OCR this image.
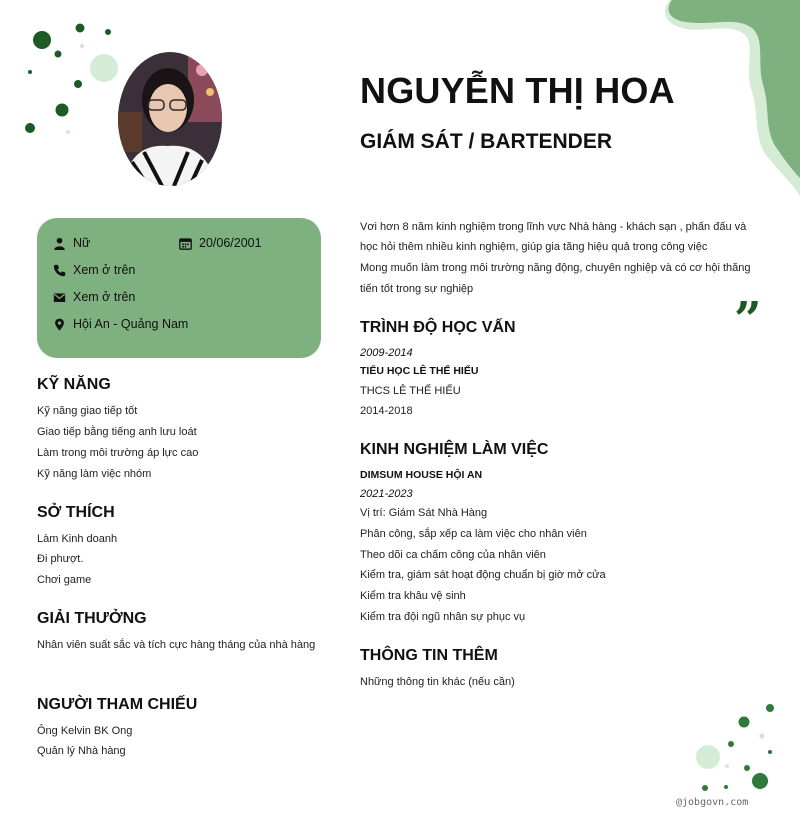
NGUYỄN THỊ HOA
GIÁM SÁT / BARTENDER
Nữ	20/06/2001
Xem ở trên
Xem ở trên
Hội An - Quảng Nam
Vơi hơn 8 năm kinh nghiệm trong lĩnh vực Nhà hàng - khách sạn , phấn đấu và
học hỏi thêm nhiều kinh nghiệm, giúp gia tăng hiệu quả trong công việc
Mong muốn làm trong môi trường năng động, chuyên nghiệp và có cơ hội thăng
tiến tốt trong sự nghiệp
”
KỸ NĂNG
Kỹ năng giao tiếp tốt
Giao tiếp bằng tiếng anh lưu loát
Làm trong môi trường áp lực cao
Kỹ năng làm việc nhóm
SỞ THÍCH
Làm Kinh doanh
Đi phượt.
Chơi game
GIẢI THƯỞNG
Nhân viên suất sắc và tích cực hàng tháng của nhà hàng
NGƯỜI THAM CHIẾU
Ông Kelvin BK Ong
Quản lý Nhà hàng
TRÌNH ĐỘ HỌC VẤN
2009-2014
TIỂU HỌC LÊ THẾ HIẾU
THCS LÊ THẾ HIẾU
2014-2018
KINH NGHIỆM LÀM VIỆC
DIMSUM HOUSE HỘI AN
2021-2023
Vị trí: Giám Sát Nhà Hàng
Phân công, sắp xếp ca làm việc cho nhân viên
Theo dõi ca chấm công của nhân viên
Kiểm tra, giám sát hoạt động chuẩn bị giờ mở cửa
Kiểm tra khâu vệ sinh
Kiểm tra đội ngũ nhân sự phục vụ
THÔNG TIN THÊM
Những thông tin khác (nếu cần)
@jobgovn.com
